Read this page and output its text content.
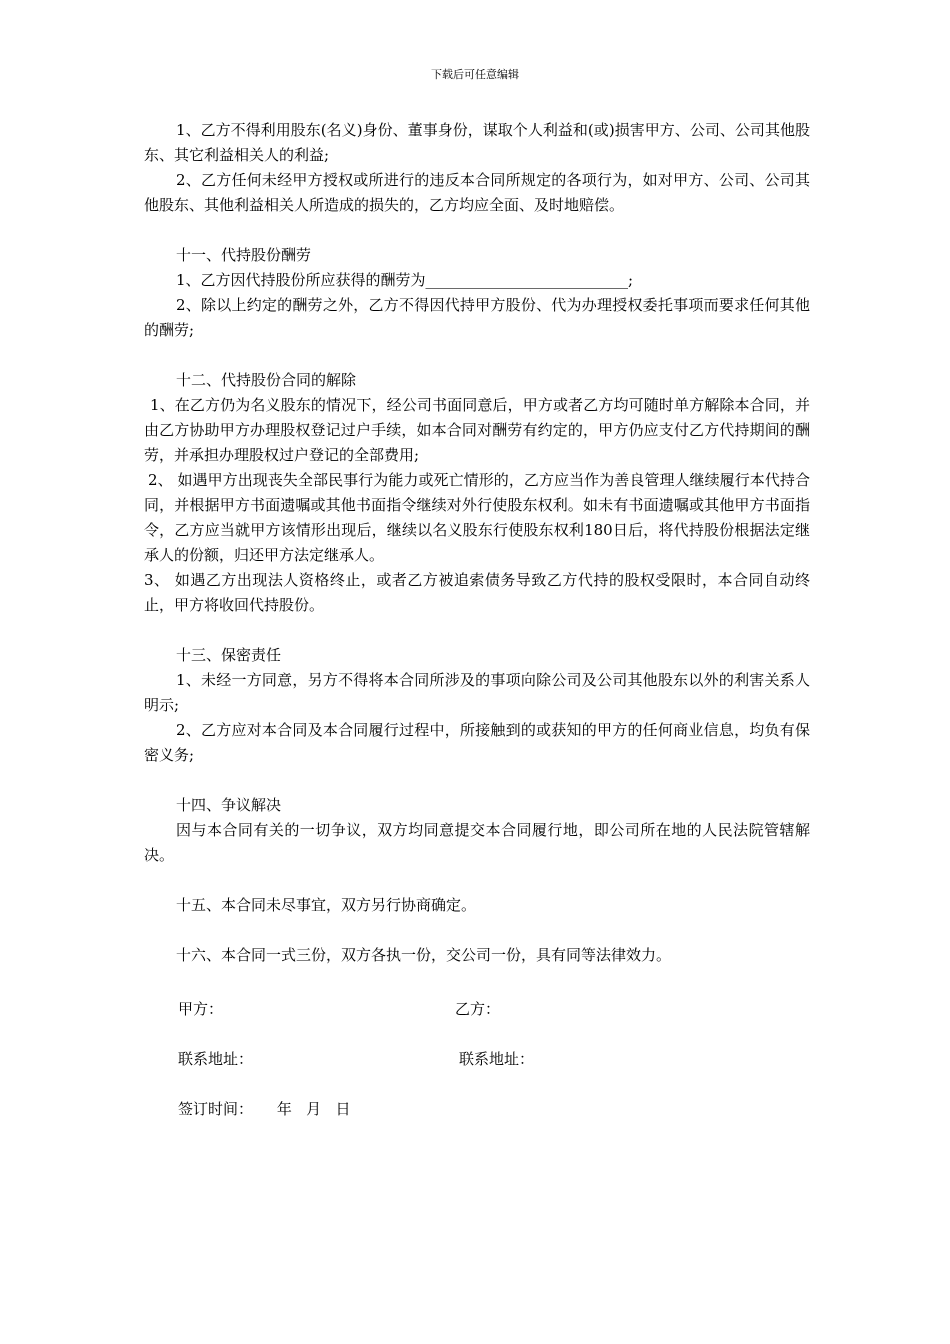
下载后可任意编辑

1、乙方不得利用股东(名义)身份、董事身份，谋取个人利益和(或)损害甲方、公司、公司其他股东、其它利益相关人的利益;

2、乙方任何未经甲方授权或所进行的违反本合同所规定的各项行为，如对甲方、公司、公司其他股东、其他利益相关人所造成的损失的，乙方均应全面、及时地赔偿。

十一、代持股份酬劳

1、乙方因代持股份所应获得的酬劳为___________________________;

2、除以上约定的酬劳之外，乙方不得因代持甲方股份、代为办理授权委托事项而要求任何其他的酬劳;

十二、代持股份合同的解除

1、在乙方仍为名义股东的情况下，经公司书面同意后，甲方或者乙方均可随时单方解除本合同，并由乙方协助甲方办理股权登记过户手续，如本合同对酬劳有约定的，甲方仍应支付乙方代持期间的酬劳，并承担办理股权过户登记的全部费用;

2、 如遇甲方出现丧失全部民事行为能力或死亡情形的，乙方应当作为善良管理人继续履行本代持合同，并根据甲方书面遗嘱或其他书面指令继续对外行使股东权利。如未有书面遗嘱或其他甲方书面指令，乙方应当就甲方该情形出现后，继续以名义股东行使股东权利180日后，将代持股份根据法定继承人的份额，归还甲方法定继承人。

3、 如遇乙方出现法人资格终止，或者乙方被追索债务导致乙方代持的股权受限时，本合同自动终止，甲方将收回代持股份。

十三、保密责任

1、未经一方同意，另方不得将本合同所涉及的事项向除公司及公司其他股东以外的利害关系人明示;

2、乙方应对本合同及本合同履行过程中，所接触到的或获知的甲方的任何商业信息，均负有保密义务;

十四、争议解决

因与本合同有关的一切争议，双方均同意提交本合同履行地，即公司所在地的人民法院管辖解决。

十五、本合同未尽事宜，双方另行协商确定。

十六、本合同一式三份，双方各执一份，交公司一份，具有同等法律效力。

甲方：	乙方：
联系地址：	联系地址：
签订时间：     年   月   日
